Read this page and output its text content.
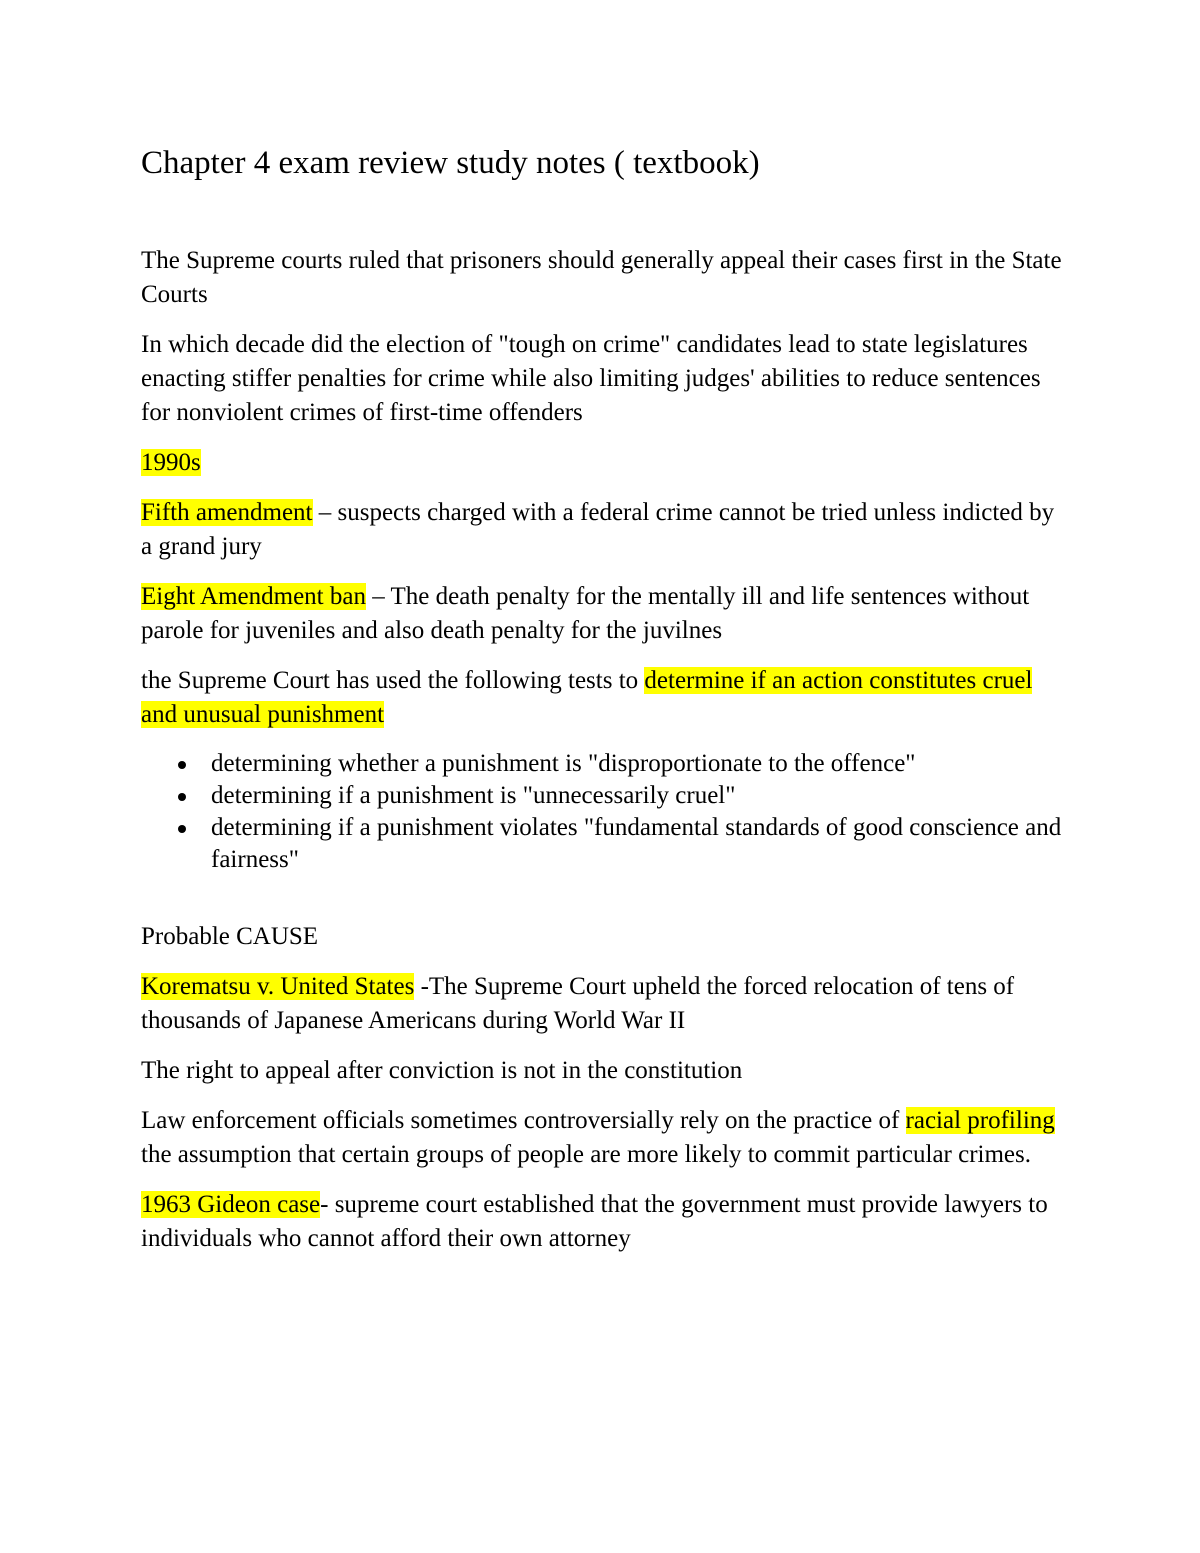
Chapter 4 exam review study notes ( textbook)
The Supreme courts ruled that prisoners should generally appeal their cases first in the State Courts
In which decade did the election of "tough on crime" candidates lead to state legislatures enacting stiffer penalties for crime while also limiting judges' abilities to reduce sentences for nonviolent crimes of first-time offenders
1990s
Fifth amendment – suspects charged with a federal crime cannot be tried unless indicted by a grand jury
Eight Amendment ban – The death penalty for the mentally ill and life sentences without parole for juveniles and also death penalty for the juvilnes
the Supreme Court has used the following tests to determine if an action constitutes cruel and unusual punishment
determining whether a punishment is "disproportionate to the offence"
determining if a punishment is "unnecessarily cruel"
determining if a punishment violates "fundamental standards of good conscience and fairness"
Probable CAUSE
Korematsu v. United States -The Supreme Court upheld the forced relocation of tens of thousands of Japanese Americans during World War II
The right to appeal after conviction is not in the constitution
Law enforcement officials sometimes controversially rely on the practice of racial profiling the assumption that certain groups of people are more likely to commit particular crimes.
1963 Gideon case- supreme court established that the government must provide lawyers to individuals who cannot afford their own attorney
